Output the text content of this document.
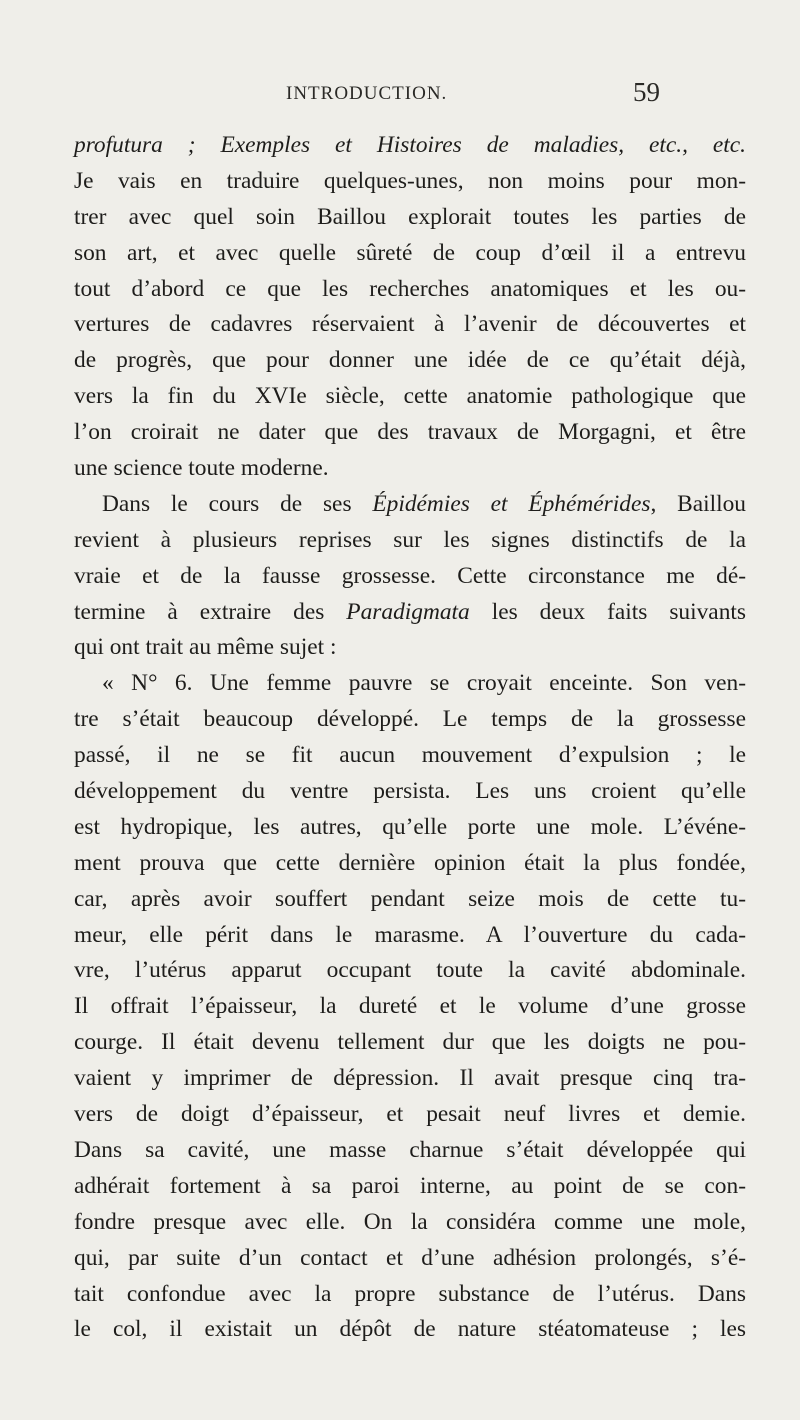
INTRODUCTION.	59
profutura ; Exemples et Histoires de maladies, etc., etc.
Je vais en traduire quelques-unes, non moins pour mon-
trer avec quel soin Baillou explorait toutes les parties de
son art, et avec quelle sûreté de coup d’œil il a entrevu
tout d’abord ce que les recherches anatomiques et les ou-
vertures de cadavres réservaient à l’avenir de découvertes et
de progrès, que pour donner une idée de ce qu’était déjà,
vers la fin du XVIe siècle, cette anatomie pathologique que
l’on croirait ne dater que des travaux de Morgagni, et être
une science toute moderne.
Dans le cours de ses Épidémies et Éphémérides, Baillou
revient à plusieurs reprises sur les signes distinctifs de la
vraie et de la fausse grossesse. Cette circonstance me dé-
termine à extraire des Paradigmata les deux faits suivants
qui ont trait au même sujet :
« N° 6. Une femme pauvre se croyait enceinte. Son ven-
tre s’était beaucoup développé. Le temps de la grossesse
passé, il ne se fit aucun mouvement d’expulsion ; le
développement du ventre persista. Les uns croient qu’elle
est hydropique, les autres, qu’elle porte une mole. L’événe-
ment prouva que cette dernière opinion était la plus fondée,
car, après avoir souffert pendant seize mois de cette tu-
meur, elle périt dans le marasme. A l’ouverture du cada-
vre, l’utérus apparut occupant toute la cavité abdominale.
Il offrait l’épaisseur, la dureté et le volume d’une grosse
courge. Il était devenu tellement dur que les doigts ne pou-
vaient y imprimer de dépression. Il avait presque cinq tra-
vers de doigt d’épaisseur, et pesait neuf livres et demie.
Dans sa cavité, une masse charnue s’était développée qui
adhérait fortement à sa paroi interne, au point de se con-
fondre presque avec elle. On la considéra comme une mole,
qui, par suite d’un contact et d’une adhésion prolongés, s’é-
tait confondue avec la propre substance de l’utérus. Dans
le col, il existait un dépôt de nature stéatomateuse ; les
